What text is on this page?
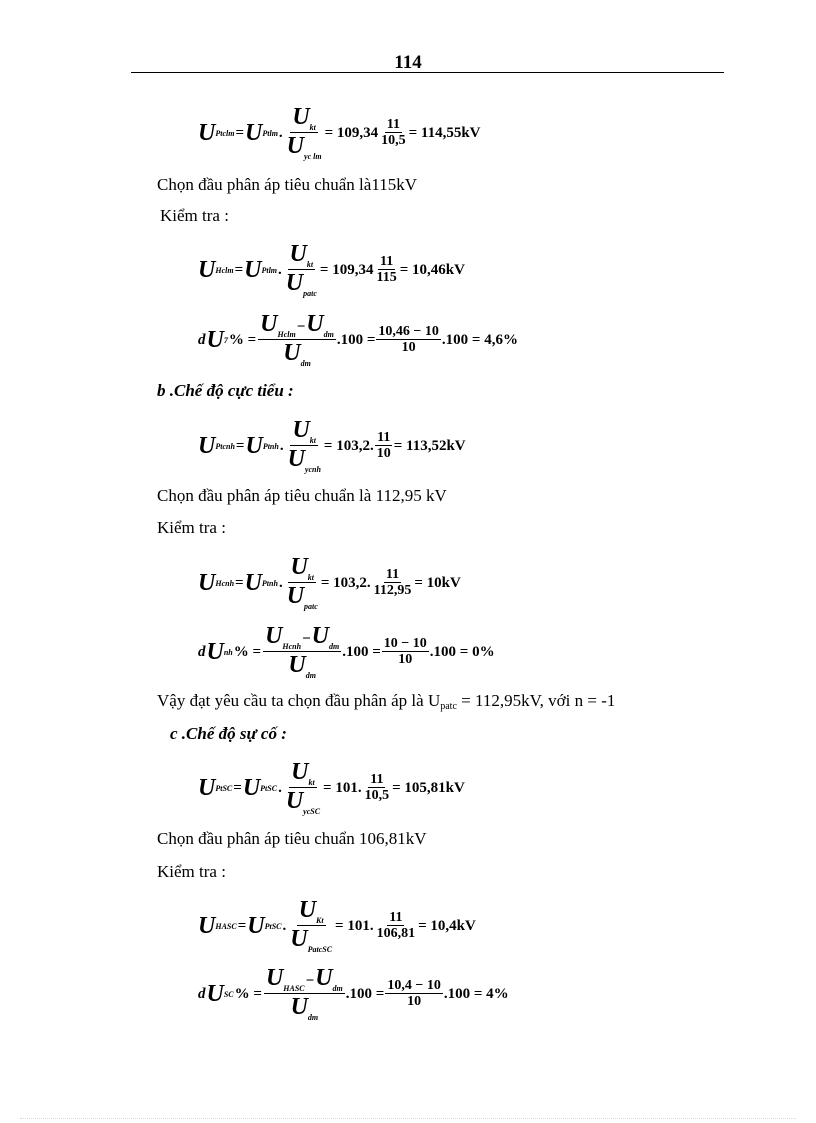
114
U Ptclm = U Ptlm . $\frac{U_{kt}}{U_{yc lm}} = 109,34 \frac{11}{10,5} = 114,55kV$
Chọn đầu phân áp tiêu chuẩn là115kV
Kiểm tra :
U Hclm = U Ptlm . $\frac{U_{kt}}{U_{patc}} = 109,34 \frac{11}{115} = 10,46kV$
d U 7 % = $\frac{U_{Hclm}-U_{dm}}{U_{dm}} .100 = \frac{10,46 - 10}{10} .100 = 4,6\%$
b .Chế độ cực tiểu :
U Ptcnh = U Ptnh . $\frac{U_{kt}}{U_{ycnh}} = 103,2$. $\frac{11}{10} = 113,52kV$
Chọn đầu phân áp tiêu chuẩn là 112,95 kV
Kiểm tra :
U Hcnh = U Ptnh . $\frac{U_{kt}}{U_{patc}} = 103,2$. $\frac{11}{112,95} = 10kV$
d U nh % = $\frac{U_{Hcnh}-U_{dm}}{U_{dm}} .100 = \frac{10 - 10}{10} .100 = 0\%$
Vậy đạt yêu cầu ta chọn đầu phân áp là $U_{patc} = 112,95kV$, với n = -1
c .Chế độ sự cố :
U PtSC = U PtSC . $\frac{U_{kt}}{U_{ycSC}} = 101$. $\frac{11}{10,5} = 105,81kV$
Chọn đầu phân áp tiêu chuẩn 106,81kV
Kiểm tra :
U HASC = U PtSC . $\frac{U_{Kt}}{U_{PatcSC}} = 101$. $\frac{11}{106,81} = 10,4kV$
d U SC % = $\frac{U_{HASC}-U_{dm}}{U_{dm}} .100 = \frac{10,4 - 10}{10} .100 = 4\%$
